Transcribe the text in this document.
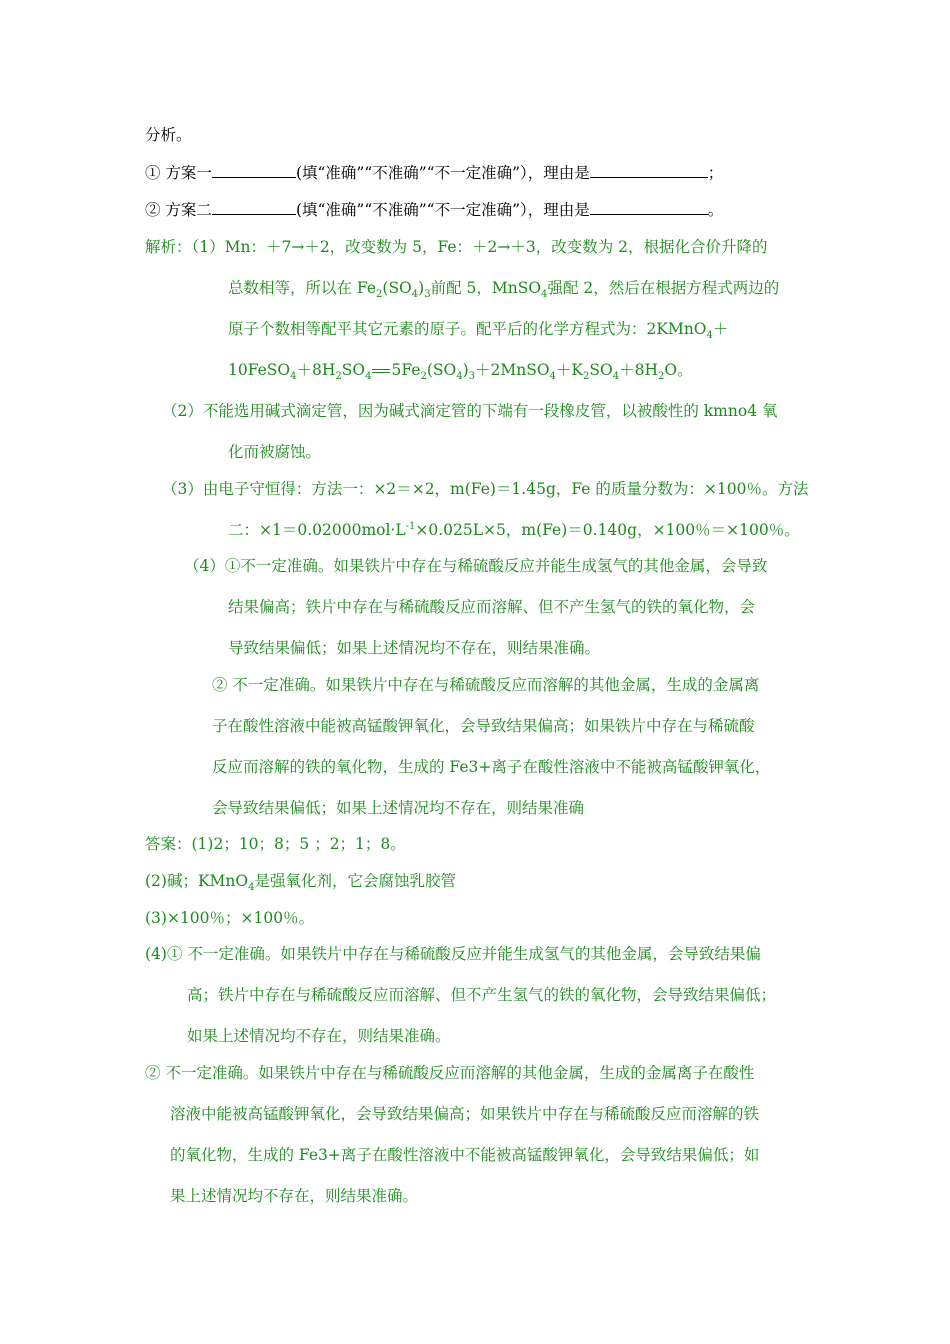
分析。
① 方案一	(填“准确”“不准确”“不一定准确”），理由是	；
② 方案二	(填“准确”“不准确”“不一定准确”），理由是	。
解析：（1）Mn：＋7→＋2，改变数为 5，Fe：＋2→＋3，改变数为 2，根据化合价升降的
总数相等，所以在 $Fe_2(SO_4)_3$前配 5，MnSO$_4$强配 2，然后在根据方程式两边的
原子个数相等配平其它元素的原子。配平后的化学方程式为：2KMnO$_4$＋
$10FeSO_4+8H_2SO_4$ $5Fe_2(SO_4)_3+2MnSO_4+K_2SO_4+8H_2O$。
（2）不能选用碱式滴定管，因为碱式滴定管的下端有一段橡皮管，以被酸性的 kmno4 氧
化而被腐蚀。
（3）由电子守恒得：方法一：×2＝×2，m(Fe)＝1.45g，Fe 的质量分数为：×100％。方法
二：$\times 1=0.02000mol\cdot L^{-1}\times 0.025L\times 5$，m(Fe)＝0.140g，×100％＝×100％。
（4）①不一定准确。如果铁片中存在与稀硫酸反应并能生成氢气的其他金属，会导致
结果偏高；铁片中存在与稀硫酸反应而溶解、但不产生氢气的铁的氧化物，会
导致结果偏低；如果上述情况均不存在，则结果准确。
② 不一定准确。如果铁片中存在与稀硫酸反应而溶解的其他金属，生成的金属离
子在酸性溶液中能被高锰酸钾氧化，会导致结果偏高；如果铁片中存在与稀硫酸
反应而溶解的铁的氧化物，生成的 Fe3+离子在酸性溶液中不能被高锰酸钾氧化，
会导致结果偏低；如果上述情况均不存在，则结果准确
答案：(1)2；10；8；5 ；2；1；8。
(2)碱；KMnO$_4$是强氧化剂，它会腐蚀乳胶管
(3)×100％；×100％。
(4)① 不一定准确。如果铁片中存在与稀硫酸反应并能生成氢气的其他金属，会导致结果偏
高；铁片中存在与稀硫酸反应而溶解、但不产生氢气的铁的氧化物，会导致结果偏低；
如果上述情况均不存在，则结果准确。
② 不一定准确。如果铁片中存在与稀硫酸反应而溶解的其他金属，生成的金属离子在酸性
溶液中能被高锰酸钾氧化，会导致结果偏高；如果铁片中存在与稀硫酸反应而溶解的铁
的氧化物，生成的 Fe3+离子在酸性溶液中不能被高锰酸钾氧化，会导致结果偏低；如
果上述情况均不存在，则结果准确。
